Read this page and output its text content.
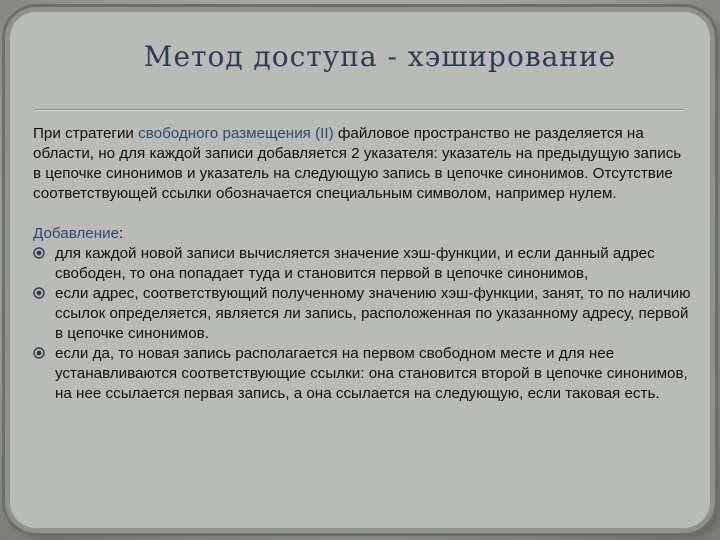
Метод доступа - хэширование

При стратегии свободного размещения (II) файловое пространство не разделяется на области, но для каждой записи добавляется 2 указателя: указатель на предыдущую запись в цепочке синонимов и указатель на следующую запись в цепочке синонимов. Отсутствие соответствующей ссылки обозначается специальным символом, например нулем.

Добавление:
для каждой новой записи вычисляется значение хэш-функции, и если данный адрес свободен, то она попадает туда и становится первой в цепочке синонимов,
если адрес, соответствующий полученному значению хэш-функции, занят, то по наличию ссылок определяется, является ли запись, расположенная по указанному адресу, первой в цепочке синонимов.
если да, то новая запись располагается на первом свободном месте и для нее устанавливаются соответствующие ссылки: она становится второй в цепочке синонимов, на нее ссылается первая запись, а она ссылается на следующую, если таковая есть.
